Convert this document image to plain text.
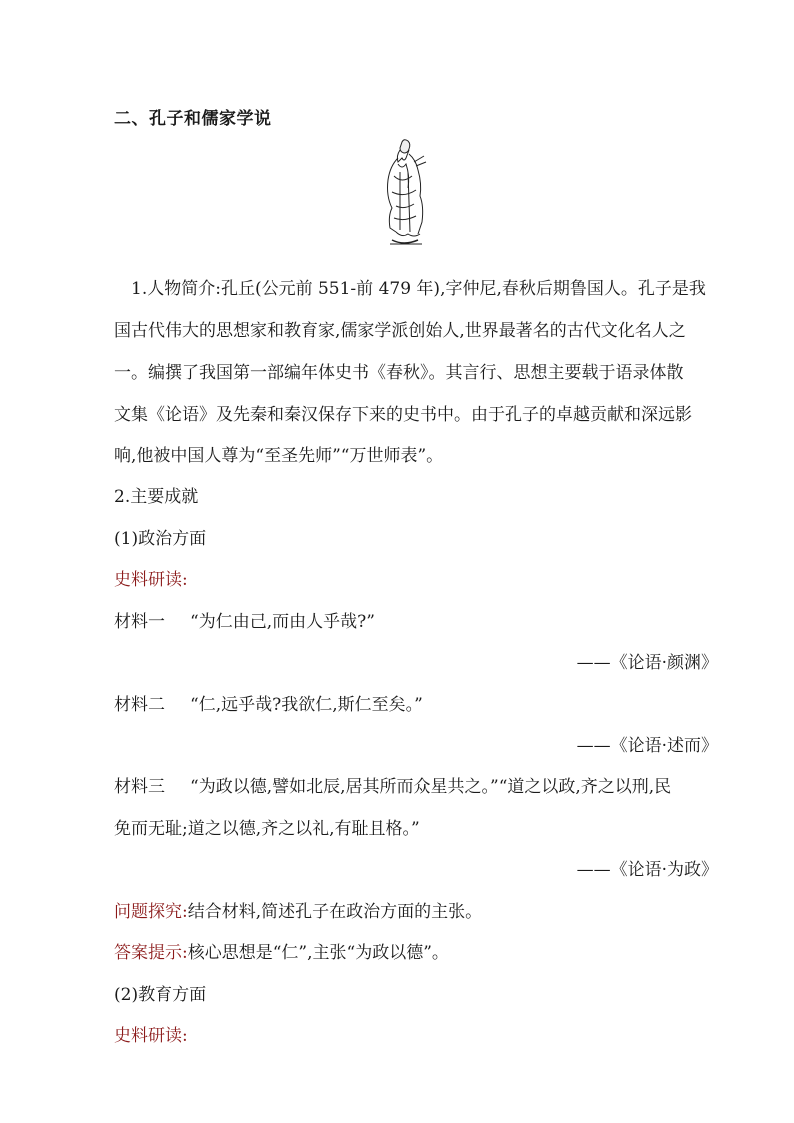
二、孔子和儒家学说
1.人物简介:孔丘(公元前 551-前 479 年),字仲尼,春秋后期鲁国人。孔子是我
国古代伟大的思想家和教育家,儒家学派创始人,世界最著名的古代文化名人之
一。编撰了我国第一部编年体史书《春秋》。其言行、思想主要载于语录体散
文集《论语》及先秦和秦汉保存下来的史书中。由于孔子的卓越贡献和深远影
响,他被中国人尊为“至圣先师”“万世师表”。
2.主要成就
(1)政治方面
史料研读:
材料一 “为仁由己,而由人乎哉?”
——《论语·颜渊》
材料二 “仁,远乎哉?我欲仁,斯仁至矣。”
——《论语·述而》
材料三 “为政以德,譬如北辰,居其所而众星共之。”“道之以政,齐之以刑,民
免而无耻;道之以德,齐之以礼,有耻且格。”
——《论语·为政》
问题探究:结合材料,简述孔子在政治方面的主张。
答案提示:核心思想是“仁”,主张“为政以德”。
(2)教育方面
史料研读:
